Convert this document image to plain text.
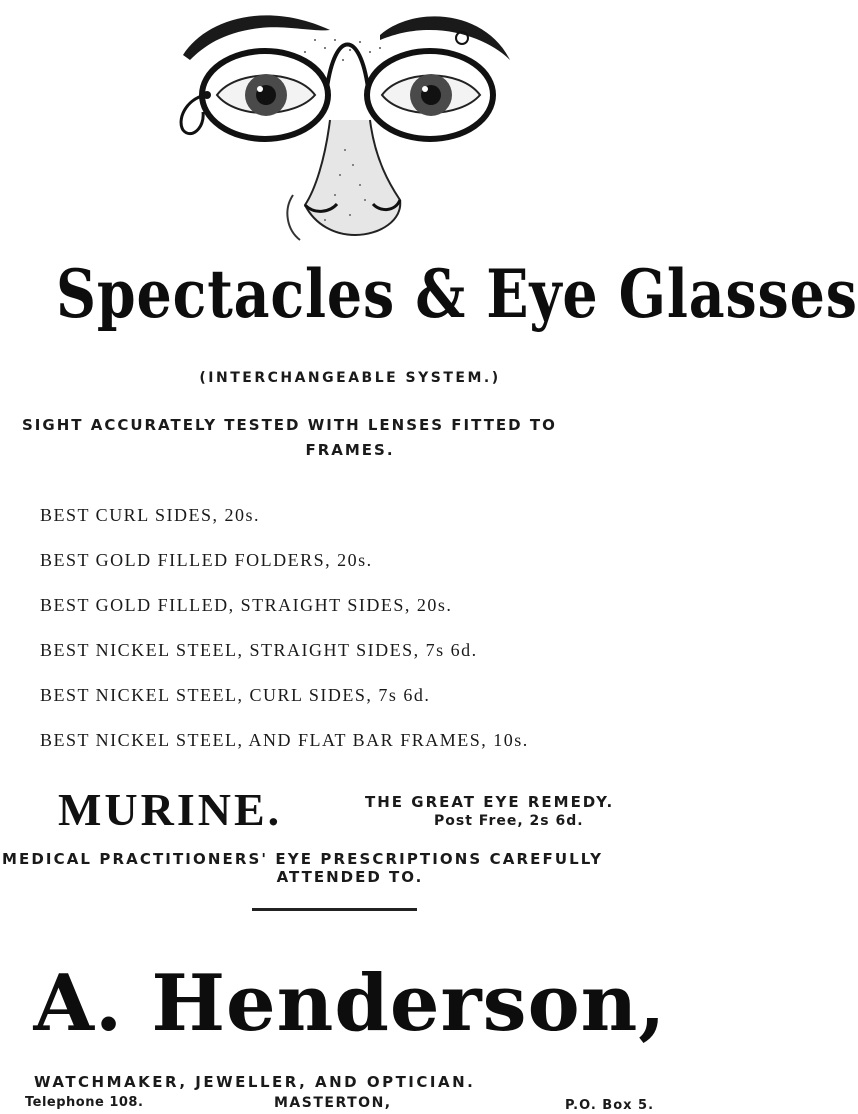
Spectacles & Eye Glasses
(INTERCHANGEABLE SYSTEM.)
SIGHT ACCURATELY TESTED WITH LENSES FITTED TO
FRAMES.
BEST CURL SIDES, 20s.
BEST GOLD FILLED FOLDERS, 20s.
BEST GOLD FILLED, STRAIGHT SIDES, 20s.
BEST NICKEL STEEL, STRAIGHT SIDES, 7s 6d.
BEST NICKEL STEEL, CURL SIDES, 7s 6d.
BEST NICKEL STEEL, AND FLAT BAR FRAMES, 10s.
MURINE.	THE GREAT EYE REMEDY.
Post Free, 2s 6d.
MEDICAL PRACTITIONERS' EYE PRESCRIPTIONS CAREFULLY
ATTENDED TO.
A. Henderson,
WATCHMAKER, JEWELLER, AND OPTICIAN.
Telephone 108.	MASTERTON,	P.O. Box 5.
